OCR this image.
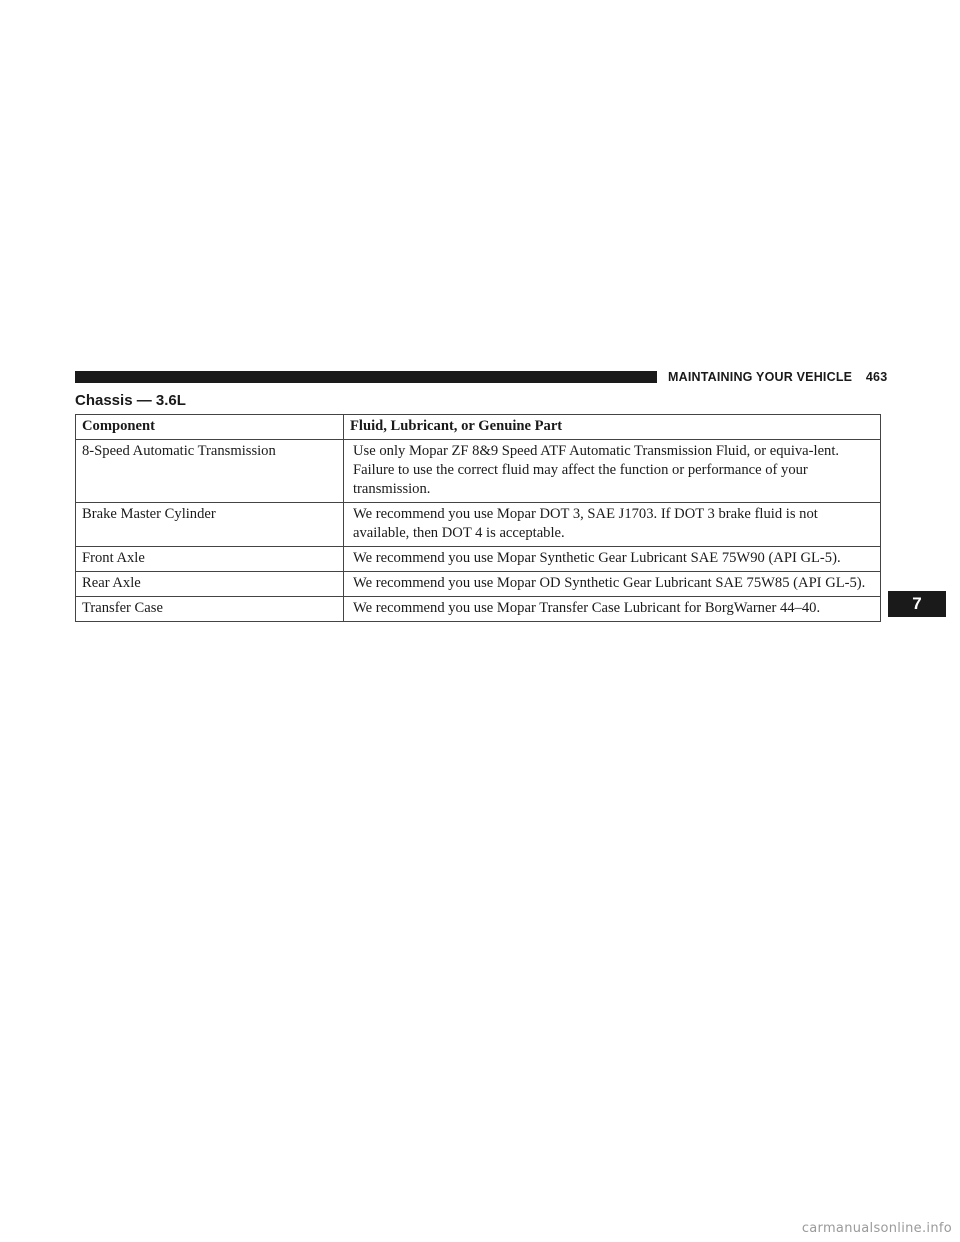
MAINTAINING YOUR VEHICLE 463
Chassis — 3.6L
Component	Fluid, Lubricant, or Genuine Part
8-Speed Automatic Transmission	Use only Mopar ZF 8&9 Speed ATF Automatic Transmission Fluid, or equiva-lent. Failure to use the correct fluid may affect the function or performance of your transmission.
Brake Master Cylinder	We recommend you use Mopar DOT 3, SAE J1703. If DOT 3 brake fluid is not available, then DOT 4 is acceptable.
Front Axle	We recommend you use Mopar Synthetic Gear Lubricant SAE 75W90 (API GL-5).
Rear Axle	We recommend you use Mopar OD Synthetic Gear Lubricant SAE 75W85 (API GL-5).
Transfer Case	We recommend you use Mopar Transfer Case Lubricant for BorgWarner 44–40.	7
carmanualsonline.info
